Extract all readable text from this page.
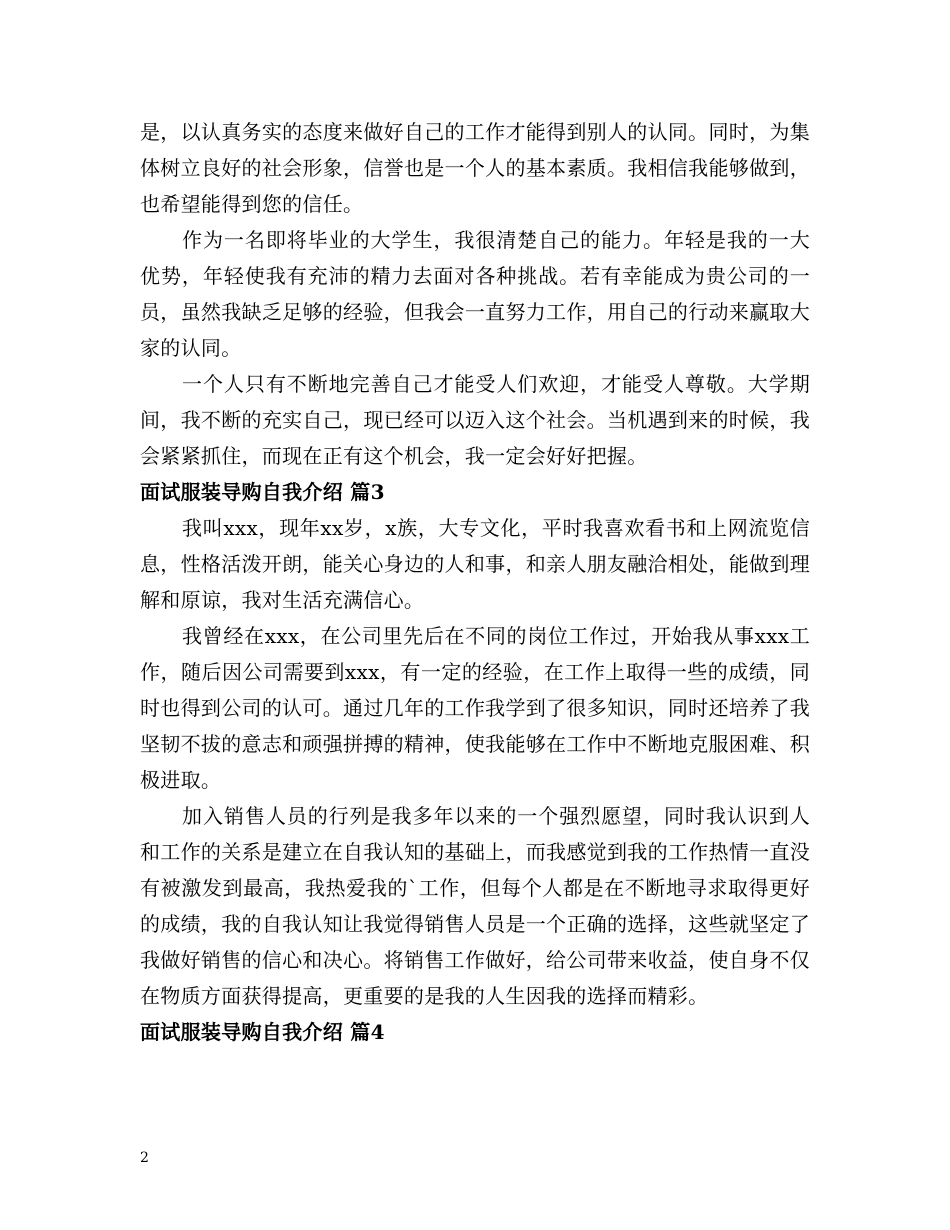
是，以认真务实的态度来做好自己的工作才能得到别人的认同。同时，为集体树立良好的社会形象，信誉也是一个人的基本素质。我相信我能够做到，也希望能得到您的信任。

作为一名即将毕业的大学生，我很清楚自己的能力。年轻是我的一大优势，年轻使我有充沛的精力去面对各种挑战。若有幸能成为贵公司的一员，虽然我缺乏足够的经验，但我会一直努力工作，用自己的行动来赢取大家的认同。

一个人只有不断地完善自己才能受人们欢迎，才能受人尊敬。大学期间，我不断的充实自己，现已经可以迈入这个社会。当机遇到来的时候，我会紧紧抓住，而现在正有这个机会，我一定会好好把握。

面试服装导购自我介绍 篇3

我叫xxx，现年xx岁，x族，大专文化，平时我喜欢看书和上网流览信息，性格活泼开朗，能关心身边的人和事，和亲人朋友融洽相处，能做到理解和原谅，我对生活充满信心。

我曾经在xxx，在公司里先后在不同的岗位工作过，开始我从事xxx工作，随后因公司需要到xxx，有一定的经验，在工作上取得一些的成绩，同时也得到公司的认可。通过几年的工作我学到了很多知识，同时还培养了我坚韧不拔的意志和顽强拼搏的精神，使我能够在工作中不断地克服困难、积极进取。

加入销售人员的行列是我多年以来的一个强烈愿望，同时我认识到人和工作的关系是建立在自我认知的基础上，而我感觉到我的工作热情一直没有被激发到最高，我热爱我的`工作，但每个人都是在不断地寻求取得更好的成绩，我的自我认知让我觉得销售人员是一个正确的选择，这些就坚定了我做好销售的信心和决心。将销售工作做好，给公司带来收益，使自身不仅在物质方面获得提高，更重要的是我的人生因我的选择而精彩。

面试服装导购自我介绍 篇4
2
